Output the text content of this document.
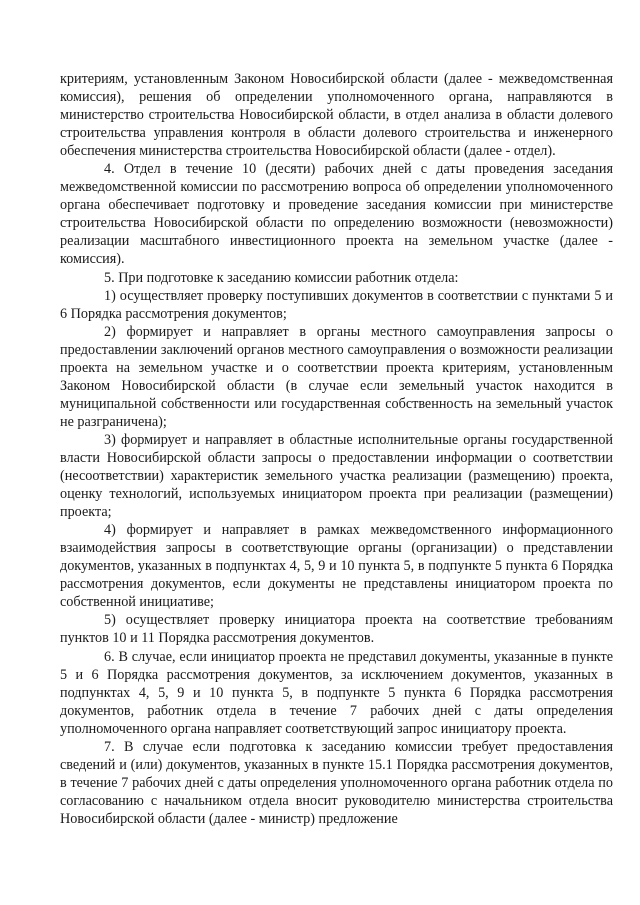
критериям, установленным Законом Новосибирской области (далее - межведомственная комиссия), решения об определении уполномоченного органа, направляются в министерство строительства Новосибирской области, в отдел анализа в области долевого строительства управления контроля в области долевого строительства и инженерного обеспечения министерства строительства Новосибирской области (далее - отдел).

4. Отдел в течение 10 (десяти) рабочих дней с даты проведения заседания межведомственной комиссии по рассмотрению вопроса об определении уполномоченного органа обеспечивает подготовку и проведение заседания комиссии при министерстве строительства Новосибирской области по определению возможности (невозможности) реализации масштабного инвестиционного проекта на земельном участке (далее - комиссия).

5. При подготовке к заседанию комиссии работник отдела:

1) осуществляет проверку поступивших документов в соответствии с пунктами 5 и 6 Порядка рассмотрения документов;

2) формирует и направляет в органы местного самоуправления запросы о предоставлении заключений органов местного самоуправления о возможности реализации проекта на земельном участке и о соответствии проекта критериям, установленным Законом Новосибирской области (в случае если земельный участок находится в муниципальной собственности или государственная собственность на земельный участок не разграничена);

3) формирует и направляет в областные исполнительные органы государственной власти Новосибирской области запросы о предоставлении информации о соответствии (несоответствии) характеристик земельного участка реализации (размещению) проекта, оценку технологий, используемых инициатором проекта при реализации (размещении) проекта;

4) формирует и направляет в рамках межведомственного информационного взаимодействия запросы в соответствующие органы (организации) о представлении документов, указанных в подпунктах 4, 5, 9 и 10 пункта 5, в подпункте 5 пункта 6 Порядка рассмотрения документов, если документы не представлены инициатором проекта по собственной инициативе;

5) осуществляет проверку инициатора проекта на соответствие требованиям пунктов 10 и 11 Порядка рассмотрения документов.

6. В случае, если инициатор проекта не представил документы, указанные в пункте 5 и 6 Порядка рассмотрения документов, за исключением документов, указанных в подпунктах 4, 5, 9 и 10 пункта 5, в подпункте 5 пункта 6 Порядка рассмотрения документов, работник отдела в течение 7 рабочих дней с даты определения уполномоченного органа направляет соответствующий запрос инициатору проекта.

7. В случае если подготовка к заседанию комиссии требует предоставления сведений и (или) документов, указанных в пункте 15.1 Порядка рассмотрения документов, в течение 7 рабочих дней с даты определения уполномоченного органа работник отдела по согласованию с начальником отдела вносит руководителю министерства строительства Новосибирской области (далее - министр) предложение
